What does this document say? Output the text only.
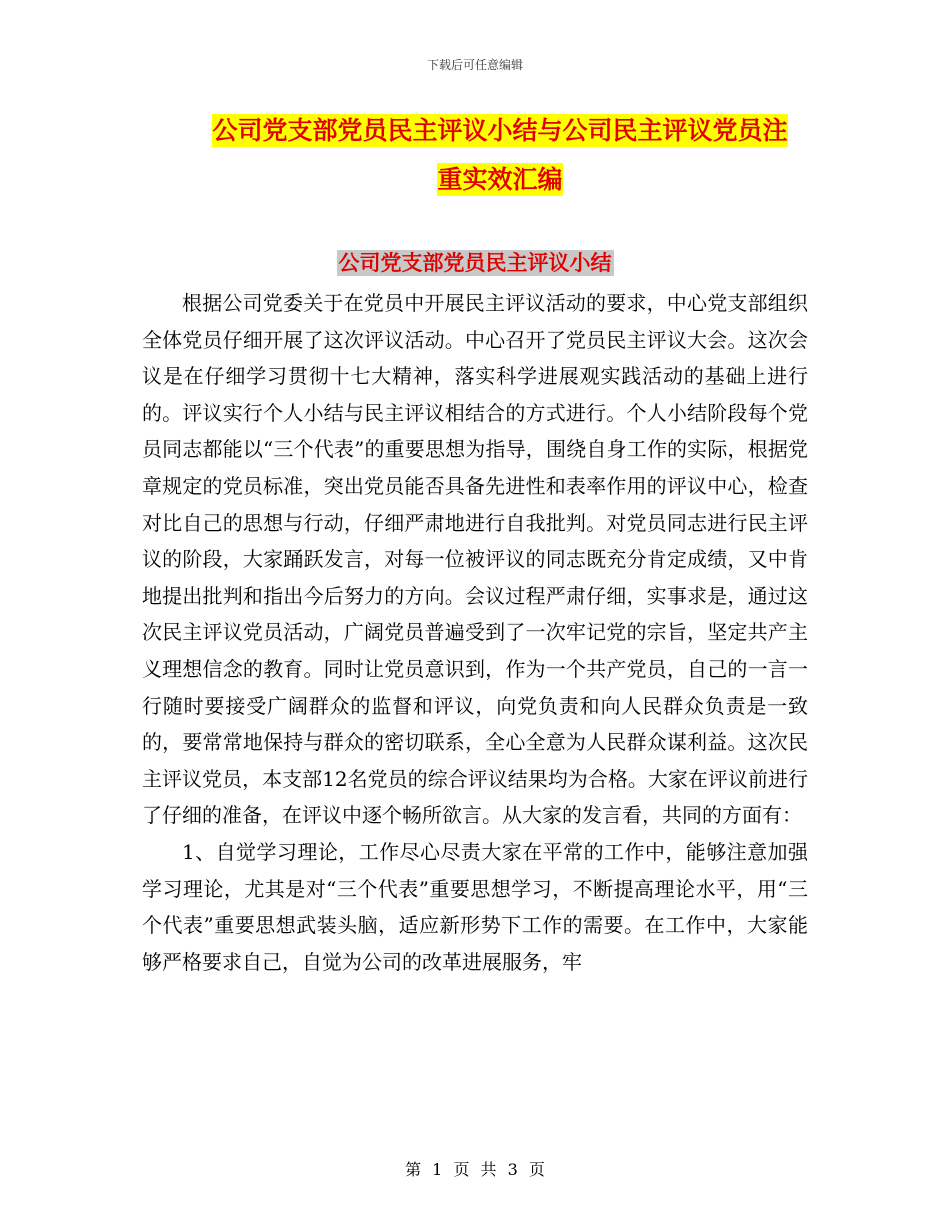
下载后可任意编辑
公司党支部党员民主评议小结与公司民主评议党员注
重实效汇编
公司党支部党员民主评议小结

根据公司党委关于在党员中开展民主评议活动的要求，中心党支部组织全体党员仔细开展了这次评议活动。中心召开了党员民主评议大会。这次会议是在仔细学习贯彻十七大精神，落实科学进展观实践活动的基础上进行的。评议实行个人小结与民主评议相结合的方式进行。个人小结阶段每个党员同志都能以“三个代表”的重要思想为指导，围绕自身工作的实际，根据党章规定的党员标准，突出党员能否具备先进性和表率作用的评议中心，检查对比自己的思想与行动，仔细严肃地进行自我批判。对党员同志进行民主评议的阶段，大家踊跃发言，对每一位被评议的同志既充分肯定成绩，又中肯地提出批判和指出今后努力的方向。会议过程严肃仔细，实事求是，通过这次民主评议党员活动，广阔党员普遍受到了一次牢记党的宗旨，坚定共产主义理想信念的教育。同时让党员意识到，作为一个共产党员，自己的一言一行随时要接受广阔群众的监督和评议，向党负责和向人民群众负责是一致的，要常常地保持与群众的密切联系，全心全意为人民群众谋利益。这次民主评议党员，本支部12名党员的综合评议结果均为合格。大家在评议前进行了仔细的准备，在评议中逐个畅所欲言。从大家的发言看，共同的方面有：

1、自觉学习理论，工作尽心尽责大家在平常的工作中，能够注意加强学习理论，尤其是对“三个代表”重要思想学习，不断提高理论水平，用“三个代表”重要思想武装头脑，适应新形势下工作的需要。在工作中，大家能够严格要求自己，自觉为公司的改革进展服务，牢

第 1 页 共 3 页
